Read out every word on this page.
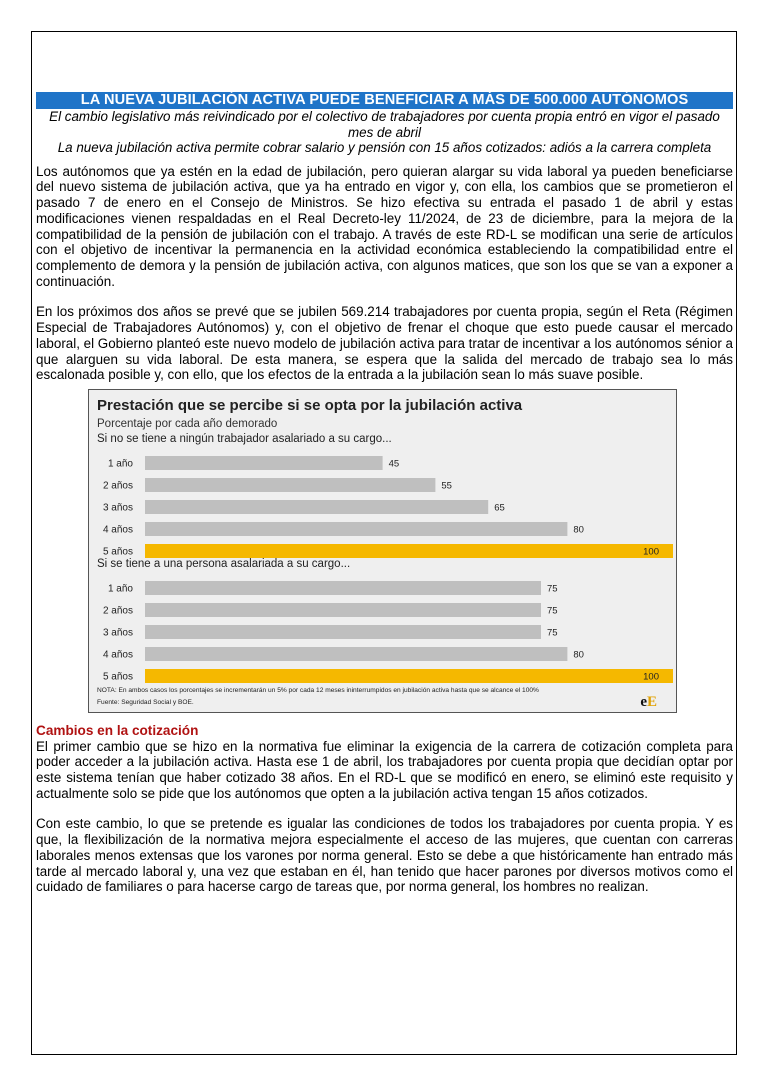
LA NUEVA JUBILACIÓN ACTIVA PUEDE BENEFICIAR A MÁS DE 500.000 AUTÓNOMOS
El cambio legislativo más reivindicado por el colectivo de trabajadores por cuenta propia entró en vigor el pasado mes de abril
La nueva jubilación activa permite cobrar salario y pensión con 15 años cotizados: adiós a la carrera completa

Los autónomos que ya estén en la edad de jubilación, pero quieran alargar su vida laboral ya pueden beneficiarse del nuevo sistema de jubilación activa, que ya ha entrado en vigor y, con ella, los cambios que se prometieron el pasado 7 de enero en el Consejo de Ministros. Se hizo efectiva su entrada el pasado 1 de abril y estas modificaciones vienen respaldadas en el Real Decreto-ley 11/2024, de 23 de diciembre, para la mejora de la compatibilidad de la pensión de jubilación con el trabajo. A través de este RD-L se modifican una serie de artículos con el objetivo de incentivar la permanencia en la actividad económica estableciendo la compatibilidad entre el complemento de demora y la pensión de jubilación activa, con algunos matices, que son los que se van a exponer a continuación.

En los próximos dos años se prevé que se jubilen 569.214 trabajadores por cuenta propia, según el Reta (Régimen Especial de Trabajadores Autónomos) y, con el objetivo de frenar el choque que esto puede causar el mercado laboral, el Gobierno planteó este nuevo modelo de jubilación activa para tratar de incentivar a los autónomos sénior a que alarguen su vida laboral. De esta manera, se espera que la salida del mercado de trabajo sea lo más escalonada posible y, con ello, que los efectos de la entrada a la jubilación sean lo más suave posible.

Prestación que se percibe si se opta por la jubilación activa
Porcentaje por cada año demorado
Si no se tiene a ningún trabajador asalariado a su cargo...
1 año	45
2 años	55
3 años	65
4 años	80
5 años	100
Si se tiene a una persona asalariada a su cargo...
1 año	75
2 años	75
3 años	75
4 años	80
5 años	100
NOTA: En ambos casos los porcentajes se incrementarán un 5% por cada 12 meses ininterrumpidos en jubilación activa hasta que se alcance el 100%
Fuente: Seguridad Social y BOE.	eE
Cambios en la cotización

El primer cambio que se hizo en la normativa fue eliminar la exigencia de la carrera de cotización completa para poder acceder a la jubilación activa. Hasta ese 1 de abril, los trabajadores por cuenta propia que decidían optar por este sistema tenían que haber cotizado 38 años. En el RD-L que se modificó en enero, se eliminó este requisito y actualmente solo se pide que los autónomos que opten a la jubilación activa tengan 15 años cotizados.

Con este cambio, lo que se pretende es igualar las condiciones de todos los trabajadores por cuenta propia. Y es que, la flexibilización de la normativa mejora especialmente el acceso de las mujeres, que cuentan con carreras laborales menos extensas que los varones por norma general. Esto se debe a que históricamente han entrado más tarde al mercado laboral y, una vez que estaban en él, han tenido que hacer parones por diversos motivos como el cuidado de familiares o para hacerse cargo de tareas que, por norma general, los hombres no realizan.
